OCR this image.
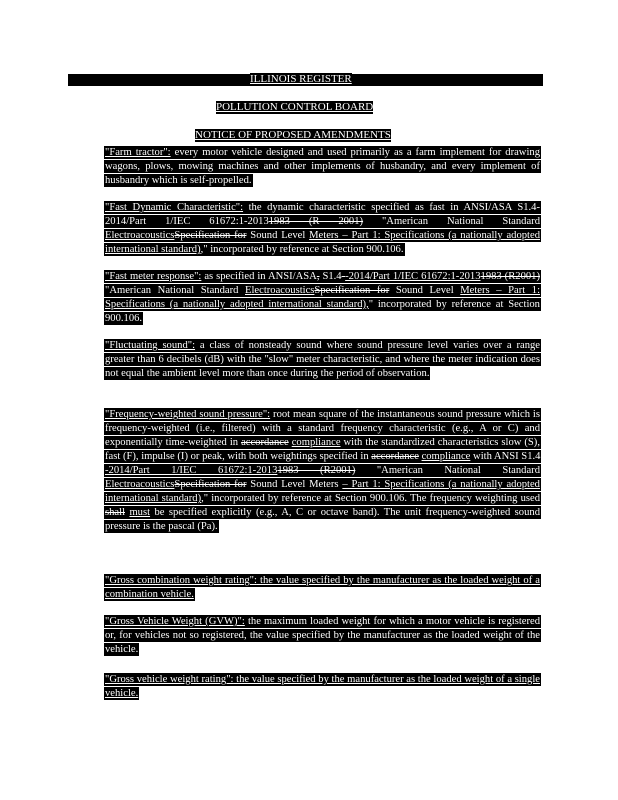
ILLINOIS REGISTER
POLLUTION CONTROL BOARD
NOTICE OF PROPOSED AMENDMENTS

"Farm tractor": every motor vehicle designed and used primarily as a farm implement for drawing wagons, plows, mowing machines and other implements of husbandry, and every implement of husbandry which is self-propelled.

"Fast Dynamic Characteristic": the dynamic characteristic specified as fast in ANSI/ASA S1.4-2014/Part 1/IEC 61672:1-20131983 (R 2001) "American National Standard ElectroacousticsSpecification for Sound Level Meters – Part 1: Specifications (a nationally adopted international standard)," incorporated by reference at Section 900.106.

"Fast meter response": as specified in ANSI/ASA, S1.4--2014/Part 1/IEC 61672:1-20131983 (R2001) "American National Standard ElectroacousticsSpecification for Sound Level Meters – Part 1: Specifications (a nationally adopted international standard)," incorporated by reference at Section 900.106.

"Fluctuating sound": a class of nonsteady sound where sound pressure level varies over a range greater than 6 decibels (dB) with the "slow" meter characteristic, and where the meter indication does not equal the ambient level more than once during the period of observation.

"Frequency-weighted sound pressure": root mean square of the instantaneous sound pressure which is frequency-weighted (i.e., filtered) with a standard frequency characteristic (e.g., A or C) and exponentially time-weighted in accordance compliance with the standardized characteristics slow (S), fast (F), impulse (I) or peak, with both weightings specified in accordance compliance with ANSI S1.4 -2014/Part 1/IEC 61672:1-20131983 (R2001) "American National Standard ElectroacousticsSpecification for Sound Level Meters – Part 1: Specifications (a nationally adopted international standard)," incorporated by reference at Section 900.106. The frequency weighting used shall must be specified explicitly (e.g., A, C or octave band). The unit frequency-weighted sound pressure is the pascal (Pa).

"Gross combination weight rating": the value specified by the manufacturer as the loaded weight of a combination vehicle.

"Gross Vehicle Weight (GVW)": the maximum loaded weight for which a motor vehicle is registered or, for vehicles not so registered, the value specified by the manufacturer as the loaded weight of the vehicle.

"Gross vehicle weight rating": the value specified by the manufacturer as the loaded weight of a single vehicle.
